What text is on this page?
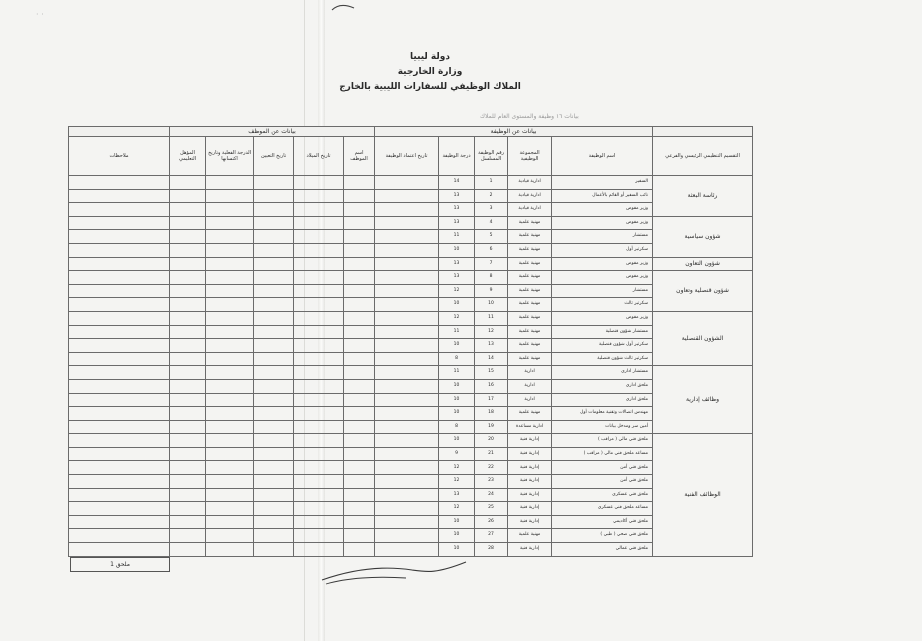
· ·
دولة ليبيا
وزارة الخارجية
الملاك الوظيفي للسفارات الليبية بالخارج
بيانات ١٦ وظيفة والمستوى العام للملاك
	بيانات عن الوظيفة					بيانات عن الموظف					
التقسيم التنظيمي الرئيسي والفرعي	اسم الوظيفة	المجموعة الوظيفية	رقم الوظيفة المسلسل	درجة الوظيفة	تاريخ اعتماد الوظيفة	اسم الموظف	تاريخ الميلاد	تاريخ التعيين	الدرجة الفعلية وتاريخ اكتسابها	المؤهل التعليمي	ملاحظات
رئاسة البعثة	السفير	ادارية قيادية	1	14							
	نائب السفير أو القائم بالأعمال	ادارية قيادية	2	13							
	وزير مفوض	ادارية قيادية	3	13							
شؤون سياسية	وزير مفوض	مهنية علمية	4	13							
	مستشار	مهنية علمية	5	11							
	سكرتير أول	مهنية علمية	6	10							
شؤون التعاون	وزير مفوض	مهنية علمية	7	13							
شؤون قنصلية وتعاون	وزير مفوض	مهنية علمية	8	13							
	مستشار	مهنية علمية	9	12							
	سكرتير ثالث	مهنية علمية	10	10							
الشؤون القنصلية	وزير مفوض	مهنية علمية	11	12							
	مستشار شؤون قنصلية	مهنية علمية	12	11							
	سكرتير أول شؤون قنصلية	مهنية علمية	13	10							
	سكرتير ثالث شؤون قنصلية	مهنية علمية	14	8							
وظائف إدارية	مستشار اداري	ادارية	15	11							
	ملحق اداري	ادارية	16	10							
	ملحق اداري	ادارية	17	10							
	مهندس اتصالات وتقنية معلومات أول	مهنية علمية	18	10							
	أمين سر ومدخل بيانات	ادارية مساعدة	19	8							
الوظائف الفنية	ملحق فني مالي ( مراقب )	إدارية فنية	20	10							
	مساعد ملحق فني مالي ( مراقب )	إدارية فنية	21	9							
	ملحق فني أمن	إدارية فنية	22	12							
	ملحق فني أمن	إدارية فنية	23	12							
	ملحق فني عسكري	إدارية فنية	24	13							
	مساعد ملحق فني عسكري	إدارية فنية	25	12							
	ملحق فني أكاديمي	إدارية فنية	26	10							
	ملحق فني صحي ( طبي )	مهنية علمية	27	10							
	ملحق فني عمالي	إدارية فنية	28	10							
ملحق 1
